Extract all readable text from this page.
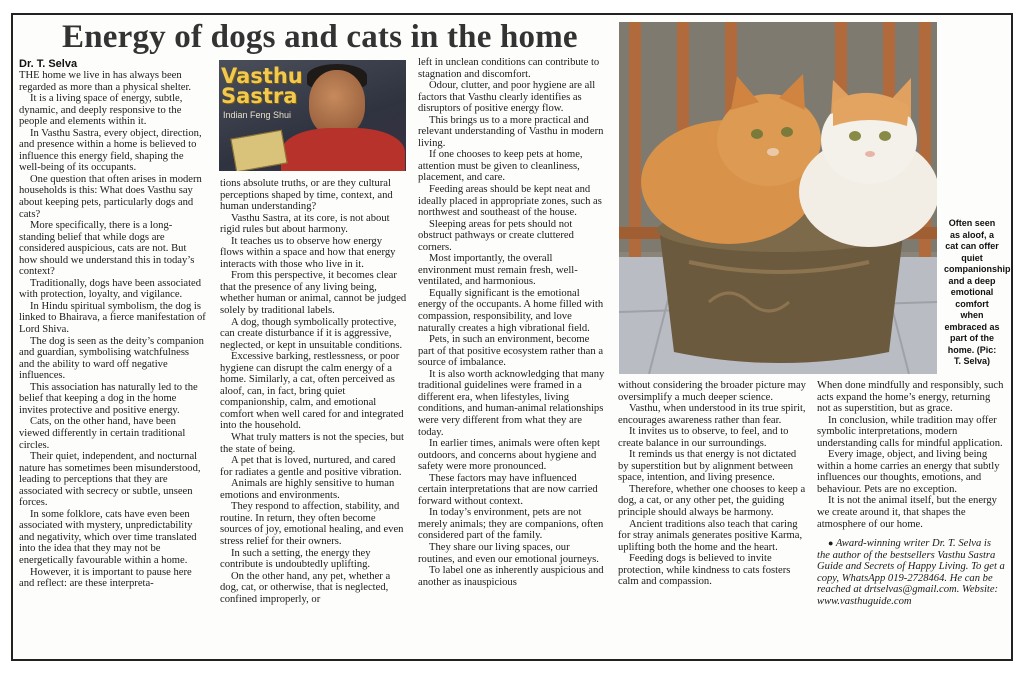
Energy of dogs and cats in the home
Dr. T. Selva	Vasthu
Sastra
Indian Feng Shui
Often seen as aloof, a cat can offer quiet companionship and a deep emotional comfort when embraced as part of the home. (Pic: T. Selva)

THE home we live in has always been regarded as more than a physical shelter.

It is a living space of energy, subtle, dynamic, and deeply responsive to the people and elements within it.

In Vasthu Sastra, every object, direction, and presence within a home is believed to influence this energy field, shaping the well-being of its occupants.

One question that often arises in modern households is this: What does Vasthu say about keeping pets, particularly dogs and cats?

More specifically, there is a long-standing belief that while dogs are considered auspicious, cats are not. But how should we understand this in today’s context?

Traditionally, dogs have been associated with protection, loyalty, and vigilance.

In Hindu spiritual symbolism, the dog is linked to Bhairava, a fierce manifestation of Lord Shiva.

The dog is seen as the deity’s companion and guardian, symbolising watchfulness and the ability to ward off negative influences.

This association has naturally led to the belief that keeping a dog in the home invites protective and positive energy.

Cats, on the other hand, have been viewed differently in certain traditional circles.

Their quiet, independent, and nocturnal nature has sometimes been misunderstood, leading to perceptions that they are associated with secrecy or subtle, unseen forces.

In some folklore, cats have even been associated with mystery, unpredictability and negativity, which over time translated into the idea that they may not be energetically favourable within a home.

However, it is important to pause here and reflect: are these interpreta-

tions absolute truths, or are they cultural perceptions shaped by time, context, and human understanding?

Vasthu Sastra, at its core, is not about rigid rules but about harmony.

It teaches us to observe how energy flows within a space and how that energy interacts with those who live in it.

From this perspective, it becomes clear that the presence of any living being, whether human or animal, cannot be judged solely by traditional labels.

A dog, though symbolically protective, can create disturbance if it is aggressive, neglected, or kept in unsuitable conditions.

Excessive barking, restlessness, or poor hygiene can disrupt the calm energy of a home. Similarly, a cat, often perceived as aloof, can, in fact, bring quiet companionship, calm, and emotional comfort when well cared for and integrated into the household.

What truly matters is not the species, but the state of being.

A pet that is loved, nurtured, and cared for radiates a gentle and positive vibration.

Animals are highly sensitive to human emotions and environments.

They respond to affection, stability, and routine. In return, they often become sources of joy, emotional healing, and even stress relief for their owners.

In such a setting, the energy they contribute is undoubtedly uplifting.

On the other hand, any pet, whether a dog, cat, or otherwise, that is neglected, confined improperly, or

left in unclean conditions can contribute to stagnation and discomfort.

Odour, clutter, and poor hygiene are all factors that Vasthu clearly identifies as disruptors of positive energy flow.

This brings us to a more practical and relevant understanding of Vasthu in modern living.

If one chooses to keep pets at home, attention must be given to cleanliness, placement, and care.

Feeding areas should be kept neat and ideally placed in appropriate zones, such as northwest and southeast of the house.

Sleeping areas for pets should not obstruct pathways or create cluttered corners.

Most importantly, the overall environment must remain fresh, well-ventilated, and harmonious.

Equally significant is the emotional energy of the occupants. A home filled with compassion, responsibility, and love naturally creates a high vibrational field.

Pets, in such an environment, become part of that positive ecosystem rather than a source of imbalance.

It is also worth acknowledging that many traditional guidelines were framed in a different era, when lifestyles, living conditions, and human-animal relationships were very different from what they are today.

In earlier times, animals were often kept outdoors, and concerns about hygiene and safety were more pronounced.

These factors may have influenced certain interpretations that are now carried forward without context.

In today’s environment, pets are not merely animals; they are companions, often considered part of the family.

They share our living spaces, our routines, and even our emotional journeys.

To label one as inherently auspicious and another as inauspicious

without considering the broader picture may oversimplify a much deeper science.

Vasthu, when understood in its true spirit, encourages awareness rather than fear.

It invites us to observe, to feel, and to create balance in our surroundings.

It reminds us that energy is not dictated by superstition but by alignment between space, intention, and living presence.

Therefore, whether one chooses to keep a dog, a cat, or any other pet, the guiding principle should always be harmony.

Ancient traditions also teach that caring for stray animals generates positive Karma, uplifting both the home and the heart.

Feeding dogs is believed to invite protection, while kindness to cats fosters calm and compassion.

When done mindfully and responsibly, such acts expand the home’s energy, returning not as superstition, but as grace.

In conclusion, while tradition may offer symbolic interpretations, modern understanding calls for mindful application.

Every image, object, and living being within a home carries an energy that subtly influences our thoughts, emotions, and behaviour. Pets are no exception.

It is not the animal itself, but the energy we create around it, that shapes the atmosphere of our home.

● Award-winning writer Dr. T. Selva is the author of the bestsellers Vasthu Sastra Guide and Secrets of Happy Living. To get a copy, WhatsApp 019-2728464. He can be reached at drtselvas@gmail.com. Website: www.vasthuguide.com
